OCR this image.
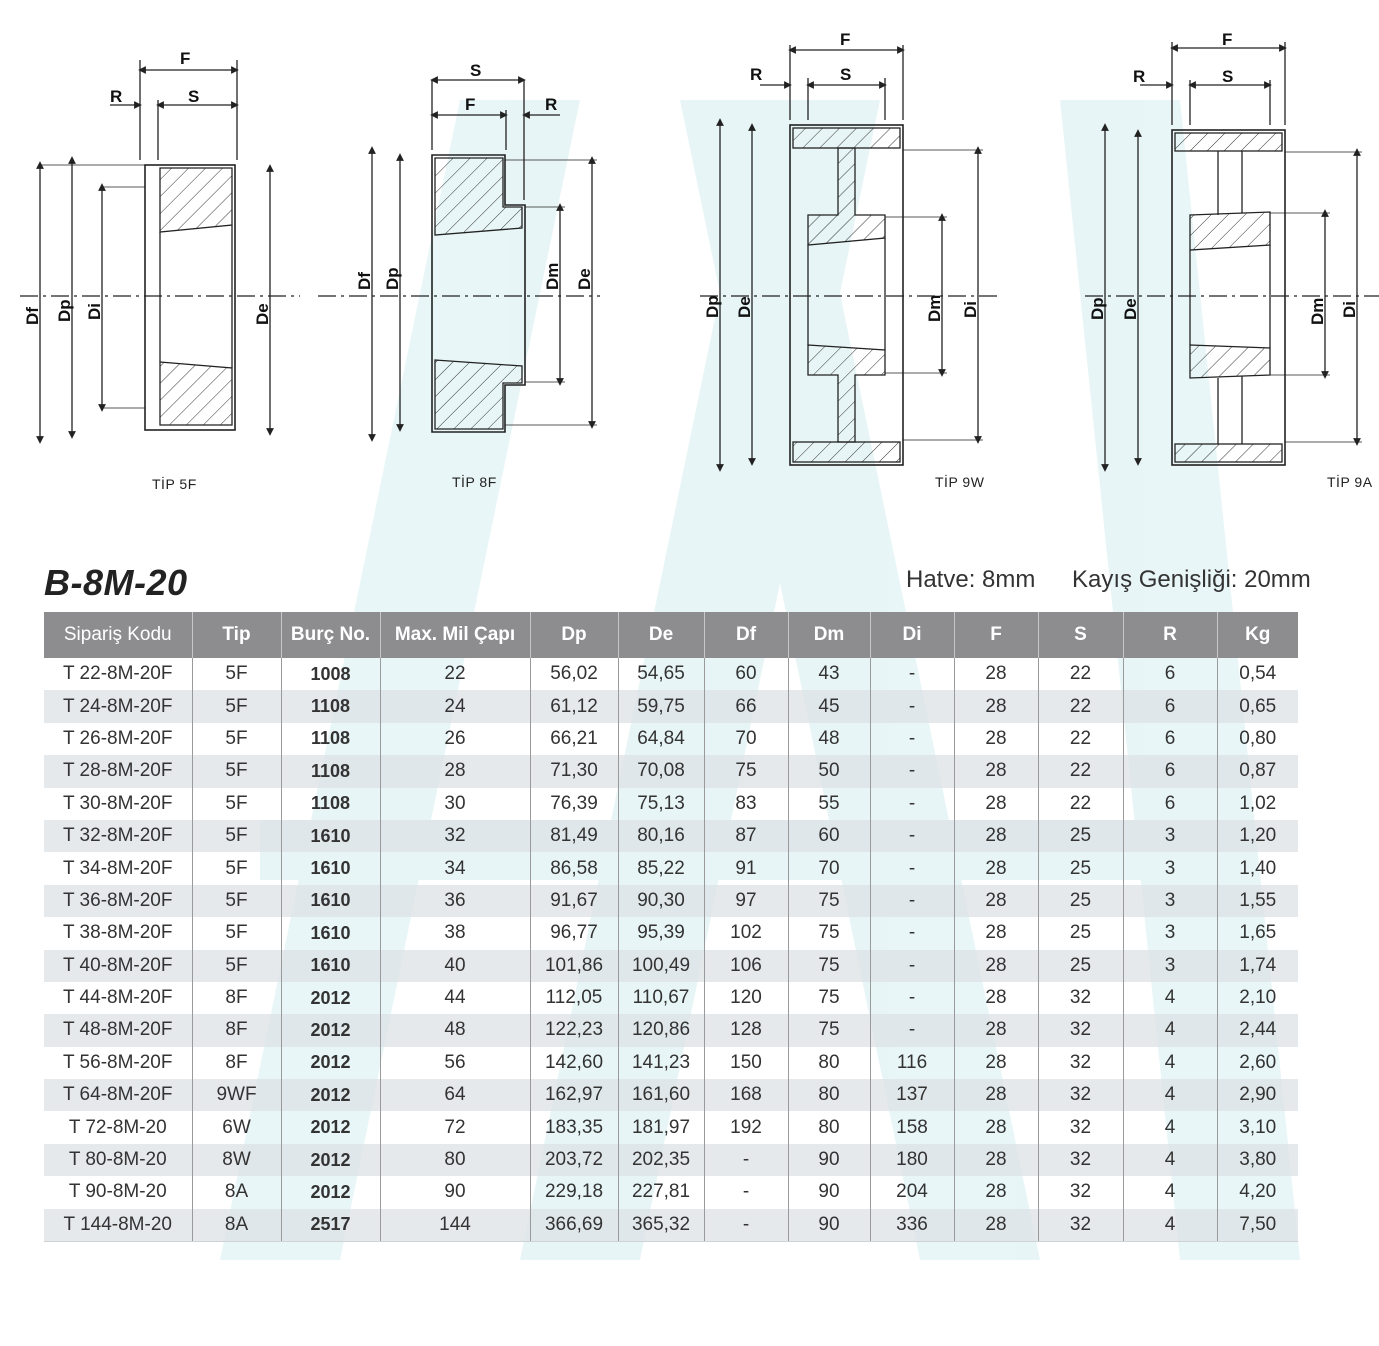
F
R	S
Df Dp Di	De
S
F	R
Df Dp	Dm De
F
R	S
Dp De	Dm Di
F
R	S
Dp De	Dm Di
TİP 5F	TİP 8F	TİP 9W	TİP 9A
B-8M-20	Hatve: 8mm Kayış Genişliği: 20mm
Sipariş Kodu	Tip	Burç No.	Max. Mil Çapı	Dp	De	Df	Dm	Di	F	S	R	Kg
T 22-8M-20F	5F	1008	22	56,02	54,65	60	43	-	28	22	6	0,54
T 24-8M-20F	5F	1108	24	61,12	59,75	66	45	-	28	22	6	0,65
T 26-8M-20F	5F	1108	26	66,21	64,84	70	48	-	28	22	6	0,80
T 28-8M-20F	5F	1108	28	71,30	70,08	75	50	-	28	22	6	0,87
T 30-8M-20F	5F	1108	30	76,39	75,13	83	55	-	28	22	6	1,02
T 32-8M-20F	5F	1610	32	81,49	80,16	87	60	-	28	25	3	1,20
T 34-8M-20F	5F	1610	34	86,58	85,22	91	70	-	28	25	3	1,40
T 36-8M-20F	5F	1610	36	91,67	90,30	97	75	-	28	25	3	1,55
T 38-8M-20F	5F	1610	38	96,77	95,39	102	75	-	28	25	3	1,65
T 40-8M-20F	5F	1610	40	101,86	100,49	106	75	-	28	25	3	1,74
T 44-8M-20F	8F	2012	44	112,05	110,67	120	75	-	28	32	4	2,10
T 48-8M-20F	8F	2012	48	122,23	120,86	128	75	-	28	32	4	2,44
T 56-8M-20F	8F	2012	56	142,60	141,23	150	80	116	28	32	4	2,60
T 64-8M-20F	9WF	2012	64	162,97	161,60	168	80	137	28	32	4	2,90
T 72-8M-20	6W	2012	72	183,35	181,97	192	80	158	28	32	4	3,10
T 80-8M-20	8W	2012	80	203,72	202,35	-	90	180	28	32	4	3,80
T 90-8M-20	8A	2012	90	229,18	227,81	-	90	204	28	32	4	4,20
T 144-8M-20	8A	2517	144	366,69	365,32	-	90	336	28	32	4	7,50
